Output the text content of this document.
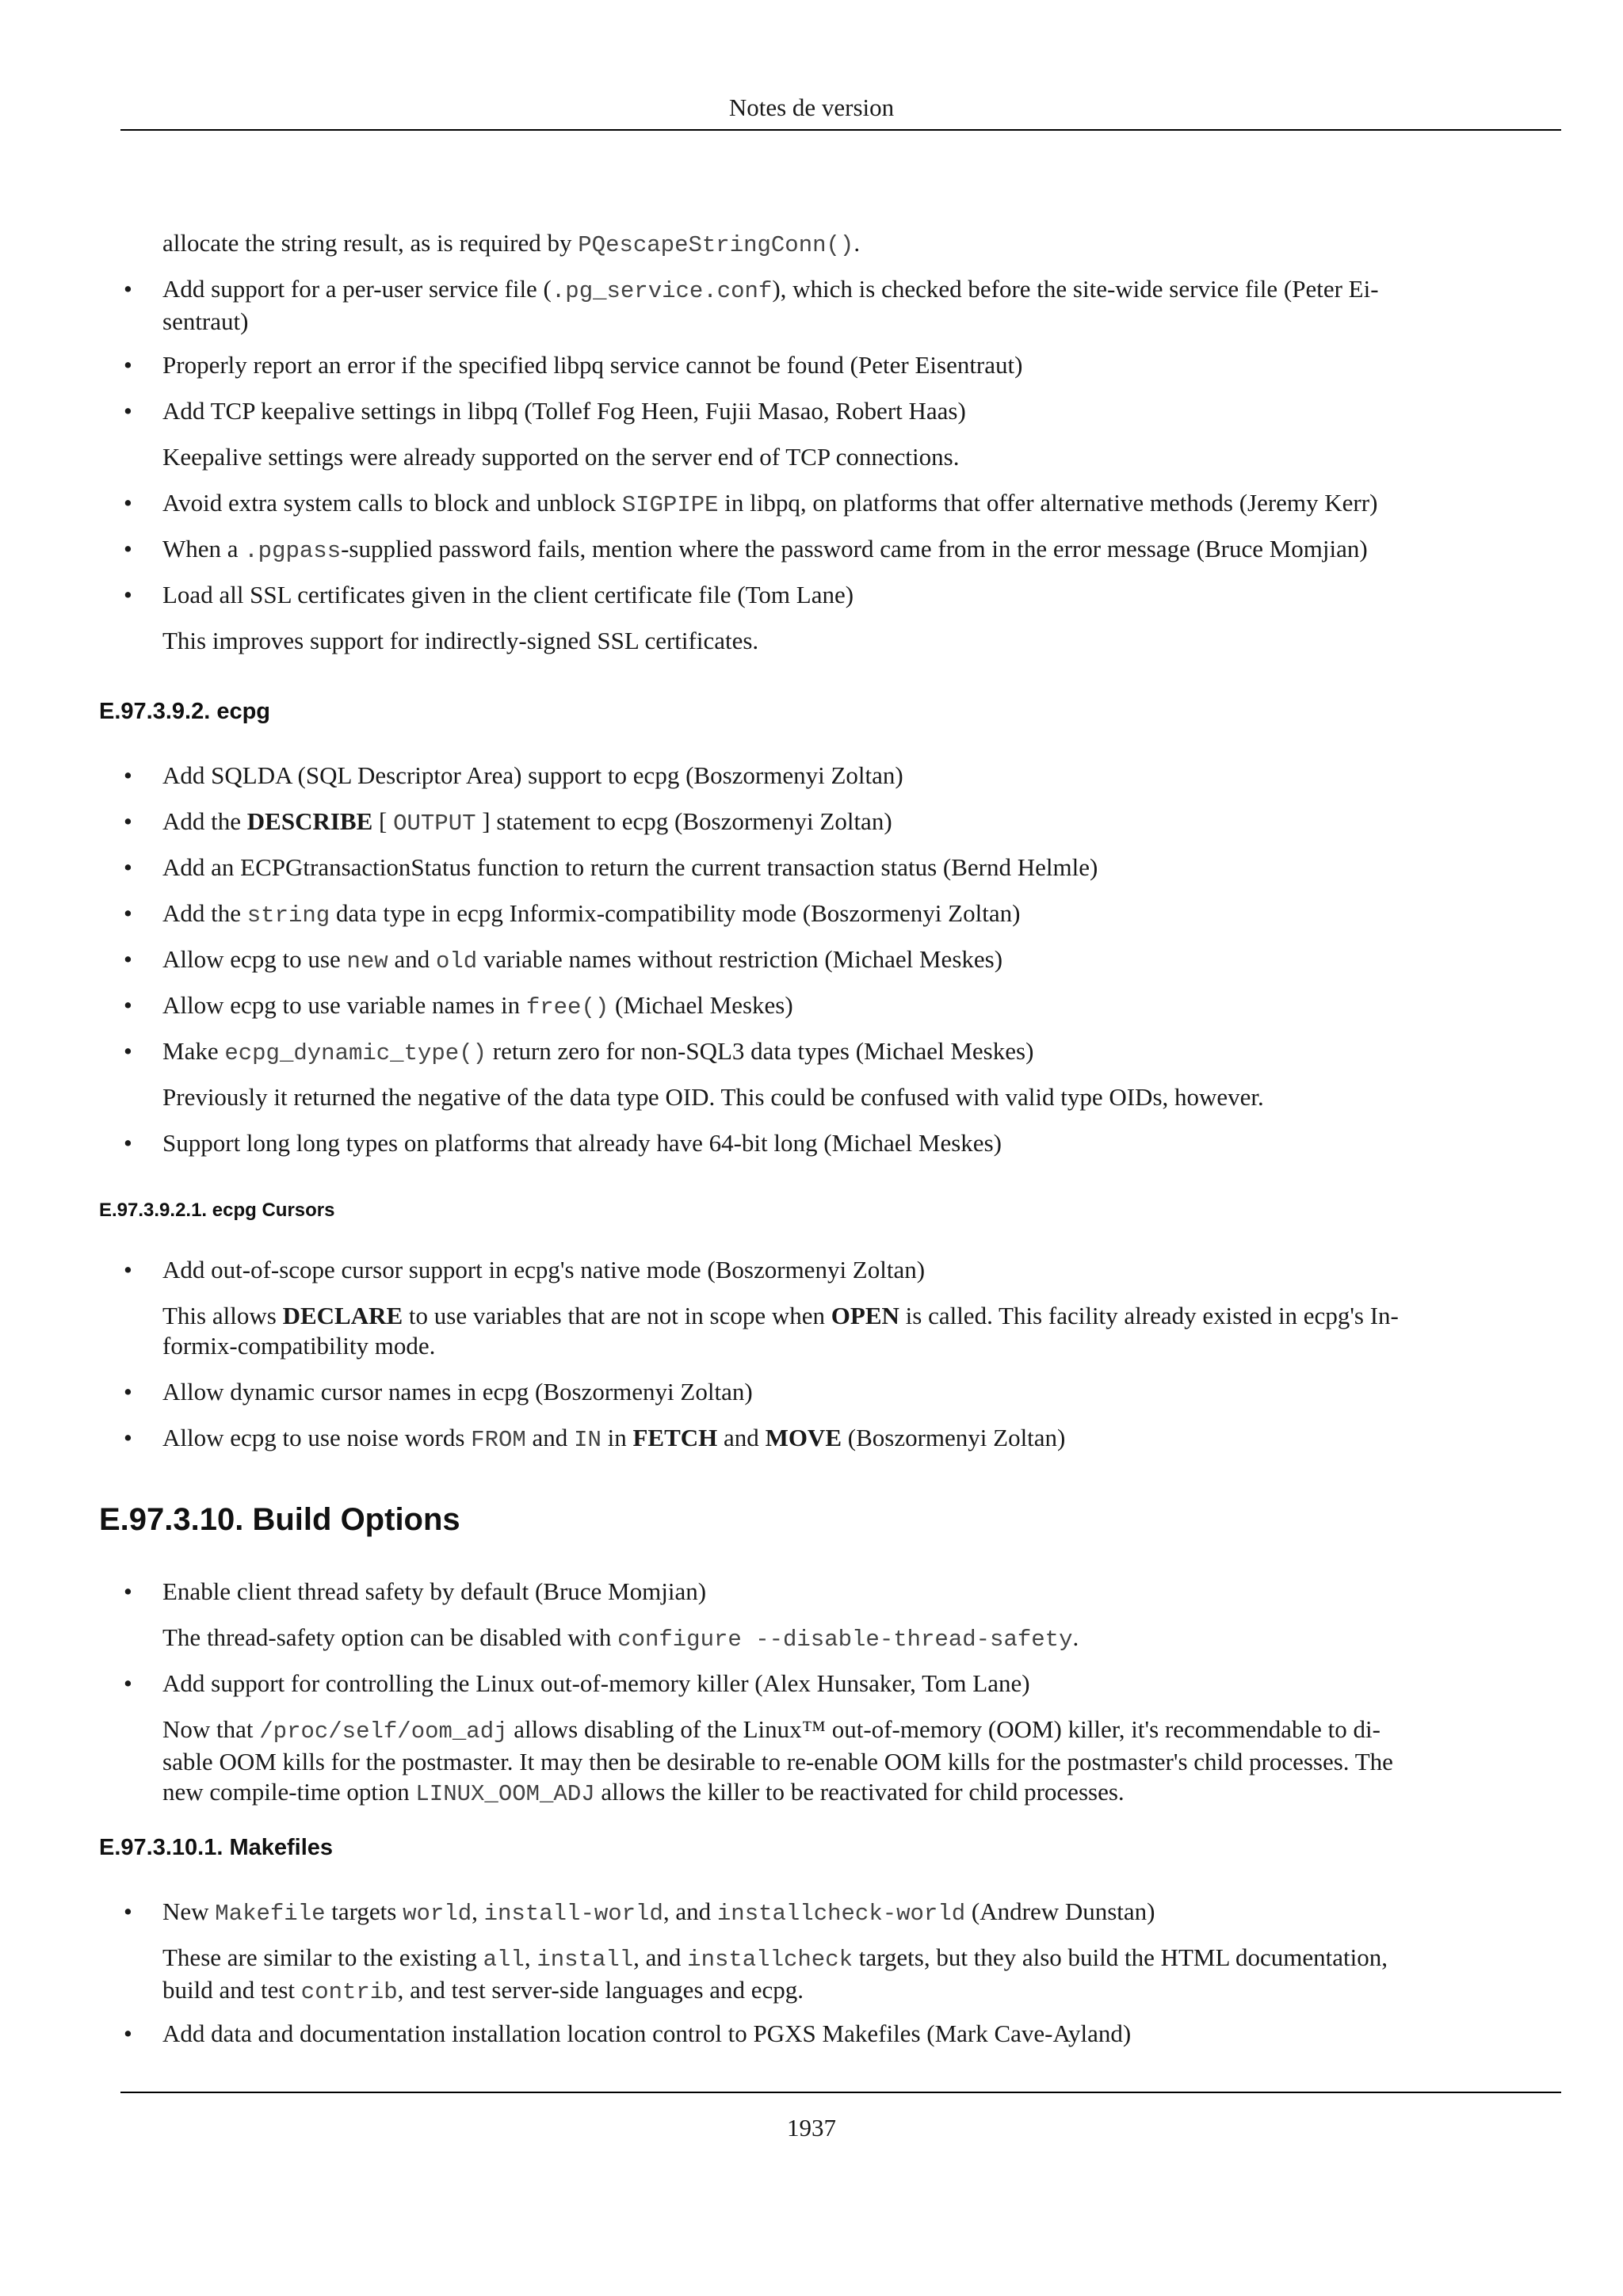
Notes de version
allocate the string result, as is required by PQescapeStringConn().
• Add support for a per-user service file (.pg_service.conf), which is checked before the site-wide service file (Peter Ei-
sentraut)
• Properly report an error if the specified libpq service cannot be found (Peter Eisentraut)
• Add TCP keepalive settings in libpq (Tollef Fog Heen, Fujii Masao, Robert Haas)
Keepalive settings were already supported on the server end of TCP connections.
• Avoid extra system calls to block and unblock SIGPIPE in libpq, on platforms that offer alternative methods (Jeremy Kerr)
• When a .pgpass-supplied password fails, mention where the password came from in the error message (Bruce Momjian)
• Load all SSL certificates given in the client certificate file (Tom Lane)
This improves support for indirectly-signed SSL certificates.
E.97.3.9.2. ecpg
• Add SQLDA (SQL Descriptor Area) support to ecpg (Boszormenyi Zoltan)
• Add the DESCRIBE [ OUTPUT ] statement to ecpg (Boszormenyi Zoltan)
• Add an ECPGtransactionStatus function to return the current transaction status (Bernd Helmle)
• Add the string data type in ecpg Informix-compatibility mode (Boszormenyi Zoltan)
• Allow ecpg to use new and old variable names without restriction (Michael Meskes)
• Allow ecpg to use variable names in free() (Michael Meskes)
• Make ecpg_dynamic_type() return zero for non-SQL3 data types (Michael Meskes)
Previously it returned the negative of the data type OID. This could be confused with valid type OIDs, however.
• Support long long types on platforms that already have 64-bit long (Michael Meskes)
E.97.3.9.2.1. ecpg Cursors
• Add out-of-scope cursor support in ecpg's native mode (Boszormenyi Zoltan)
This allows DECLARE to use variables that are not in scope when OPEN is called. This facility already existed in ecpg's In-
formix-compatibility mode.
• Allow dynamic cursor names in ecpg (Boszormenyi Zoltan)
• Allow ecpg to use noise words FROM and IN in FETCH and MOVE (Boszormenyi Zoltan)
E.97.3.10. Build Options
• Enable client thread safety by default (Bruce Momjian)
The thread-safety option can be disabled with configure --disable-thread-safety.
• Add support for controlling the Linux out-of-memory killer (Alex Hunsaker, Tom Lane)
Now that /proc/self/oom_adj allows disabling of the Linux™ out-of-memory (OOM) killer, it's recommendable to di-
sable OOM kills for the postmaster. It may then be desirable to re-enable OOM kills for the postmaster's child processes. The
new compile-time option LINUX_OOM_ADJ allows the killer to be reactivated for child processes.
E.97.3.10.1. Makefiles
• New Makefile targets world, install-world, and installcheck-world (Andrew Dunstan)
These are similar to the existing all, install, and installcheck targets, but they also build the HTML documentation,
build and test contrib, and test server-side languages and ecpg.
• Add data and documentation installation location control to PGXS Makefiles (Mark Cave-Ayland)
1937
